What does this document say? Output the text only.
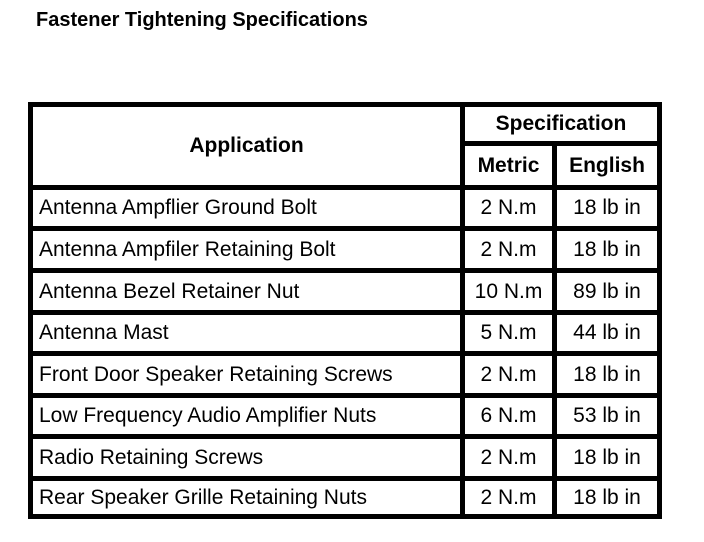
Fastener Tightening Specifications
Application
Specification
Metric	English
Antenna Ampflier Ground Bolt	2 N.m	18 lb in
Antenna Ampfiler Retaining Bolt	2 N.m	18 lb in
Antenna Bezel Retainer Nut	10 N.m	89 lb in
Antenna Mast	5 N.m	44 lb in
Front Door Speaker Retaining Screws	2 N.m	18 lb in
Low Frequency Audio Amplifier Nuts	6 N.m	53 lb in
Radio Retaining Screws	2 N.m	18 lb in
Rear Speaker Grille Retaining Nuts	2 N.m	18 lb in
